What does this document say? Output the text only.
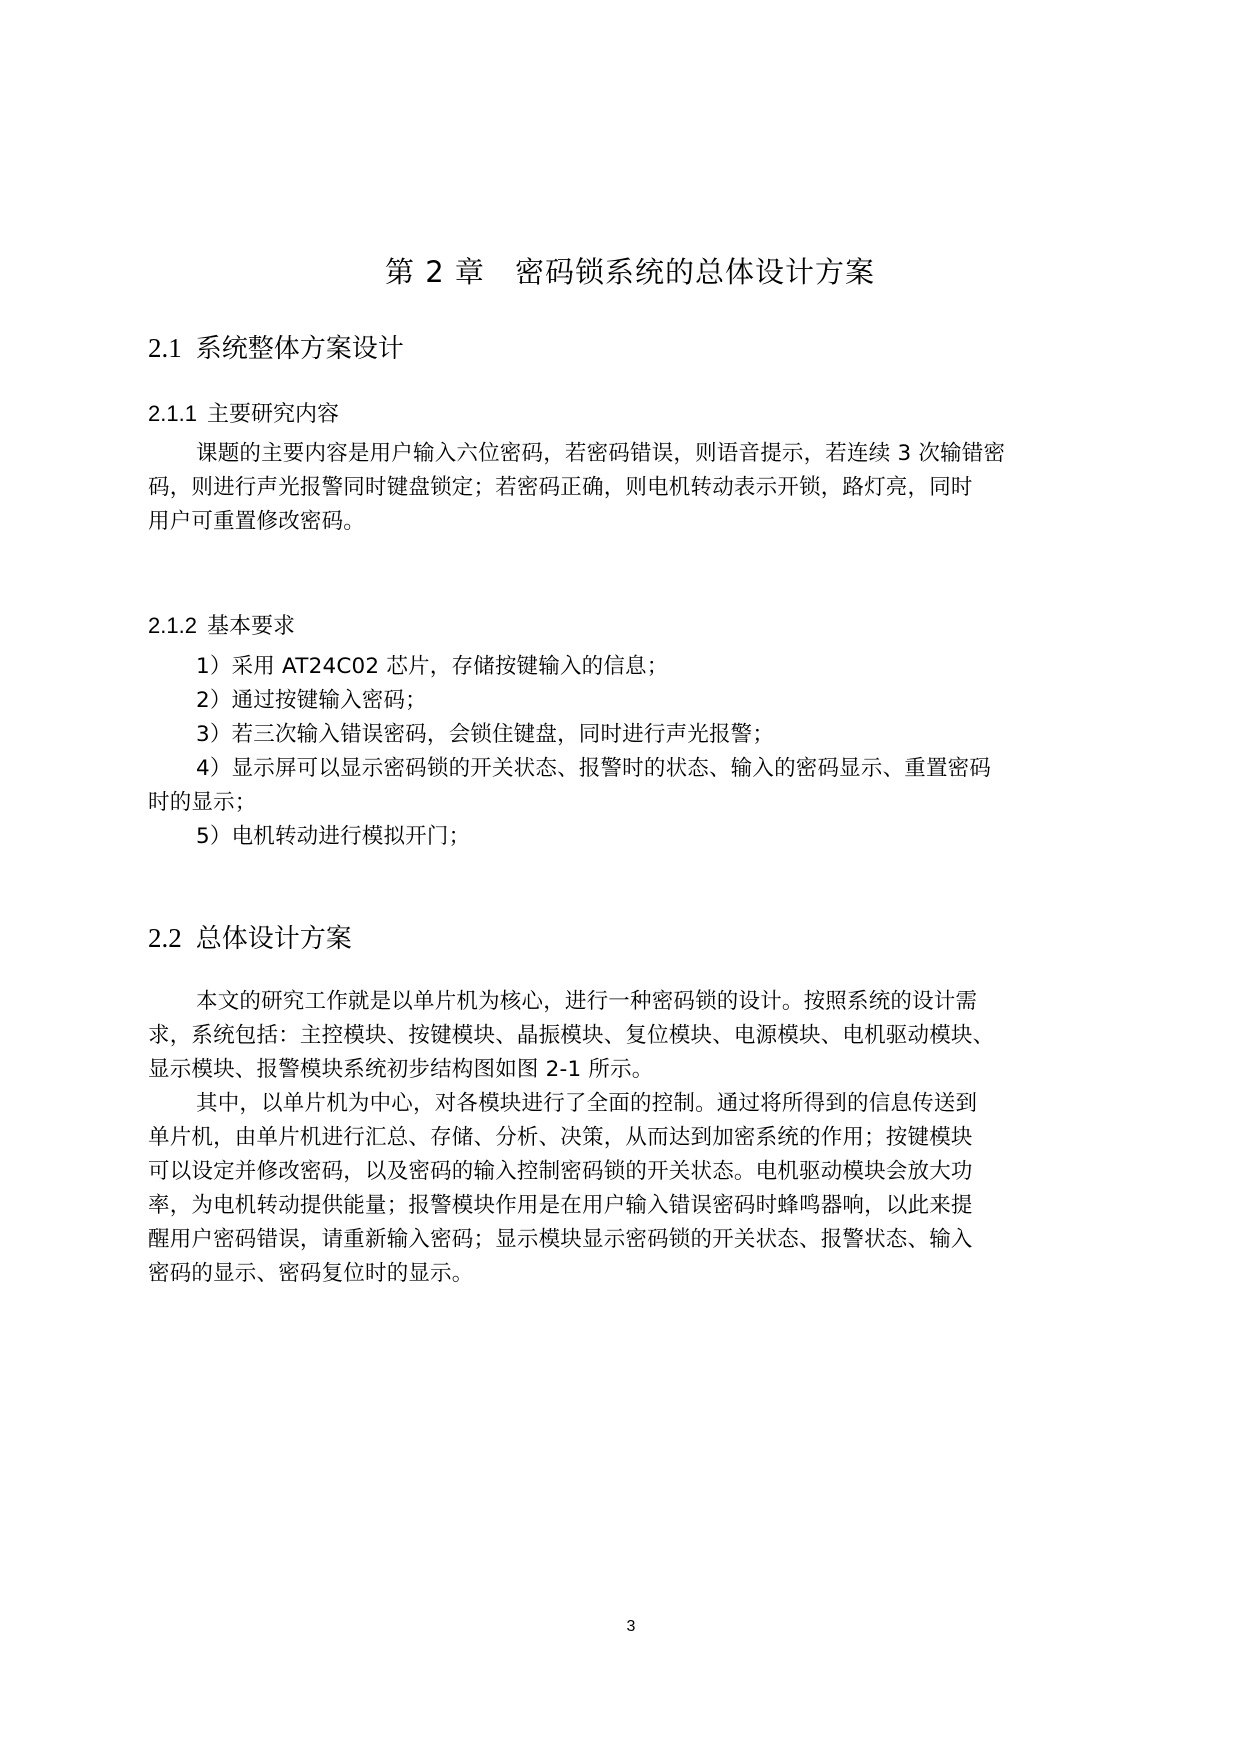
第 2 章 密码锁系统的总体设计方案
2.1 系统整体方案设计
2.1.1 主要研究内容

课题的主要内容是用户输入六位密码，若密码错误，则语音提示，若连续 3 次输错密
码，则进行声光报警同时键盘锁定；若密码正确，则电机转动表示开锁，路灯亮，同时
用户可重置修改密码。

2.1.2 基本要求
1）采用 AT24C02 芯片，存储按键输入的信息；
2）通过按键输入密码；
3）若三次输入错误密码，会锁住键盘，同时进行声光报警；
4）显示屏可以显示密码锁的开关状态、报警时的状态、输入的密码显示、重置密码
时的显示；
5）电机转动进行模拟开门；
2.2 总体设计方案
本文的研究工作就是以单片机为核心，进行一种密码锁的设计。按照系统的设计需
求，系统包括：主控模块、按键模块、晶振模块、复位模块、电源模块、电机驱动模块、
显示模块、报警模块系统初步结构图如图 2-1 所示。
其中，以单片机为中心，对各模块进行了全面的控制。通过将所得到的信息传送到
单片机，由单片机进行汇总、存储、分析、决策，从而达到加密系统的作用；按键模块
可以设定并修改密码，以及密码的输入控制密码锁的开关状态。电机驱动模块会放大功
率，为电机转动提供能量；报警模块作用是在用户输入错误密码时蜂鸣器响，以此来提
醒用户密码错误，请重新输入密码；显示模块显示密码锁的开关状态、报警状态、输入
密码的显示、密码复位时的显示。
3
